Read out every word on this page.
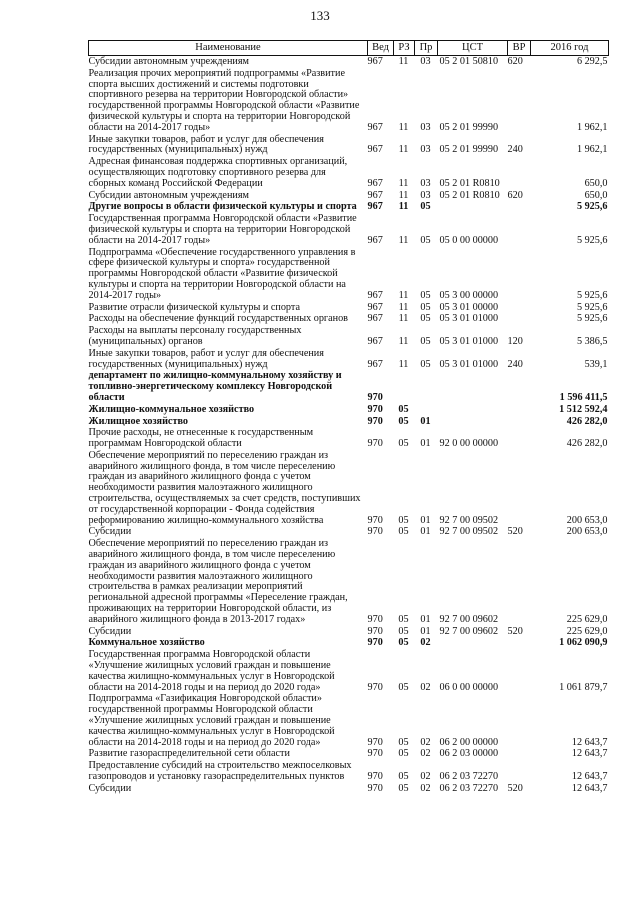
133
Наименование	Вед	РЗ	Пр	ЦСТ	ВР	2016 год
Субсидии автономным учреждениям	967	11	03	05 2 01 50810	620	6 292,5
Реализация прочих мероприятий подпрограммы «Развитие спорта высших достижений и системы подготовки спортивного резерва на территории Новгородской области» государственной программы Новгородской области «Развитие физической культуры и спорта на территории Новгородской области на 2014-2017 годы»	967	11	03	05 2 01 99990		1 962,1
Иные закупки товаров, работ и услуг для обеспечения государственных (муниципальных) нужд	967	11	03	05 2 01 99990	240	1 962,1
Адресная финансовая поддержка спортивных организаций, осуществляющих подготовку спортивного резерва для сборных команд Российской Федерации	967	11	03	05 2 01 R0810		650,0
Субсидии автономным учреждениям	967	11	03	05 2 01 R0810	620	650,0
Другие вопросы в области физической культуры и спорта	967	11	05			5 925,6
Государственная программа Новгородской области «Развитие физической культуры и спорта на территории Новгородской области на 2014-2017 годы»	967	11	05	05 0 00 00000		5 925,6
Подпрограмма «Обеспечение государственного управления в сфере физической культуры и спорта» государственной программы Новгородской области «Развитие физической культуры и спорта на территории Новгородской области на 2014-2017 годы»	967	11	05	05 3 00 00000		5 925,6
Развитие отрасли физической культуры и спорта	967	11	05	05 3 01 00000		5 925,6
Расходы на обеспечение функций государственных органов	967	11	05	05 3 01 01000		5 925,6
Расходы на выплаты персоналу государственных (муниципальных) органов	967	11	05	05 3 01 01000	120	5 386,5
Иные закупки товаров, работ и услуг для обеспечения государственных (муниципальных) нужд	967	11	05	05 3 01 01000	240	539,1
департамент по жилищно-коммунальному хозяйству и топливно-энергетическому комплексу Новгородской области	970					1 596 411,5
Жилищно-коммунальное хозяйство	970	05				1 512 592,4
Жилищное хозяйство	970	05	01			426 282,0
Прочие расходы, не отнесенные к государственным программам Новгородской области	970	05	01	92 0 00 00000		426 282,0
Обеспечение мероприятий по переселению граждан из аварийного жилищного фонда, в том числе переселению граждан из аварийного жилищного фонда с учетом необходимости развития малоэтажного жилищного строительства, осуществляемых за счет средств, поступивших от государственной корпорации - Фонда содействия реформированию жилищно-коммунального хозяйства	970	05	01	92 7 00 09502		200 653,0
Субсидии	970	05	01	92 7 00 09502	520	200 653,0
Обеспечение мероприятий по переселению граждан из аварийного жилищного фонда, в том числе переселению граждан из аварийного жилищного фонда с учетом необходимости развития малоэтажного жилищного строительства в рамках реализации мероприятий региональной адресной программы «Переселение граждан, проживающих на территории Новгородской области, из аварийного жилищного фонда в 2013-2017 годах»	970	05	01	92 7 00 09602		225 629,0
Субсидии	970	05	01	92 7 00 09602	520	225 629,0
Коммунальное хозяйство	970	05	02			1 062 090,9
Государственная программа Новгородской области «Улучшение жилищных условий граждан и повышение качества жилищно-коммунальных услуг в Новгородской области на 2014-2018 годы и на период до 2020 года»	970	05	02	06 0 00 00000		1 061 879,7
Подпрограмма «Газификация Новгородской области» государственной программы Новгородской области «Улучшение жилищных условий граждан и повышение качества жилищно-коммунальных услуг в Новгородской области на 2014-2018 годы и на период до 2020 года»	970	05	02	06 2 00 00000		12 643,7
Развитие газораспределительной сети области	970	05	02	06 2 03 00000		12 643,7
Предоставление субсидий на строительство межпоселковых газопроводов и установку газораспределительных пунктов	970	05	02	06 2 03 72270		12 643,7
Субсидии	970	05	02	06 2 03 72270	520	12 643,7
